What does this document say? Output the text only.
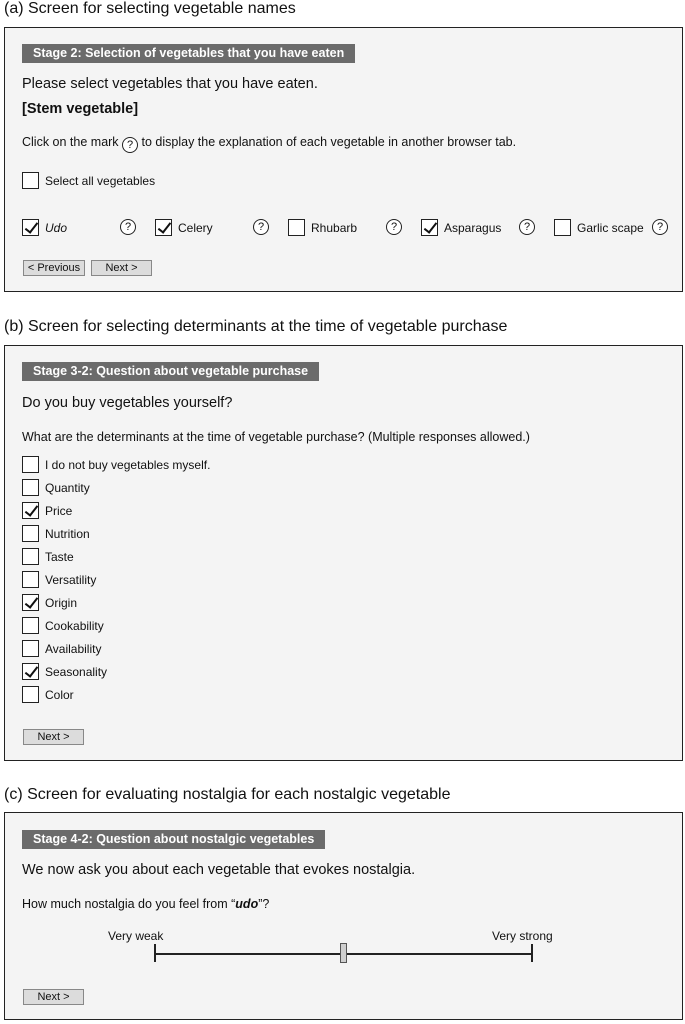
(a) Screen for selecting vegetable names
Stage 2: Selection of vegetables that you have eaten
Please select vegetables that you have eaten.
[Stem vegetable]
Click on the mark ? to display the explanation of each vegetable in another browser tab.
Select all vegetables
Udo	?	Celery	?	Rhubarb	?	Asparagus	?	Garlic scape	?
< Previous	Next >
(b) Screen for selecting determinants at the time of vegetable purchase
Stage 3-2: Question about vegetable purchase
Do you buy vegetables yourself?
What are the determinants at the time of vegetable purchase? (Multiple responses allowed.)
I do not buy vegetables myself.
Quantity
Price
Nutrition
Taste
Versatility
Origin
Cookability
Availability
Seasonality
Color
Next >
(c) Screen for evaluating nostalgia for each nostalgic vegetable
Stage 4-2: Question about nostalgic vegetables
We now ask you about each vegetable that evokes nostalgia.
How much nostalgia do you feel from “udo”?
Very weak	Very strong
Next >
